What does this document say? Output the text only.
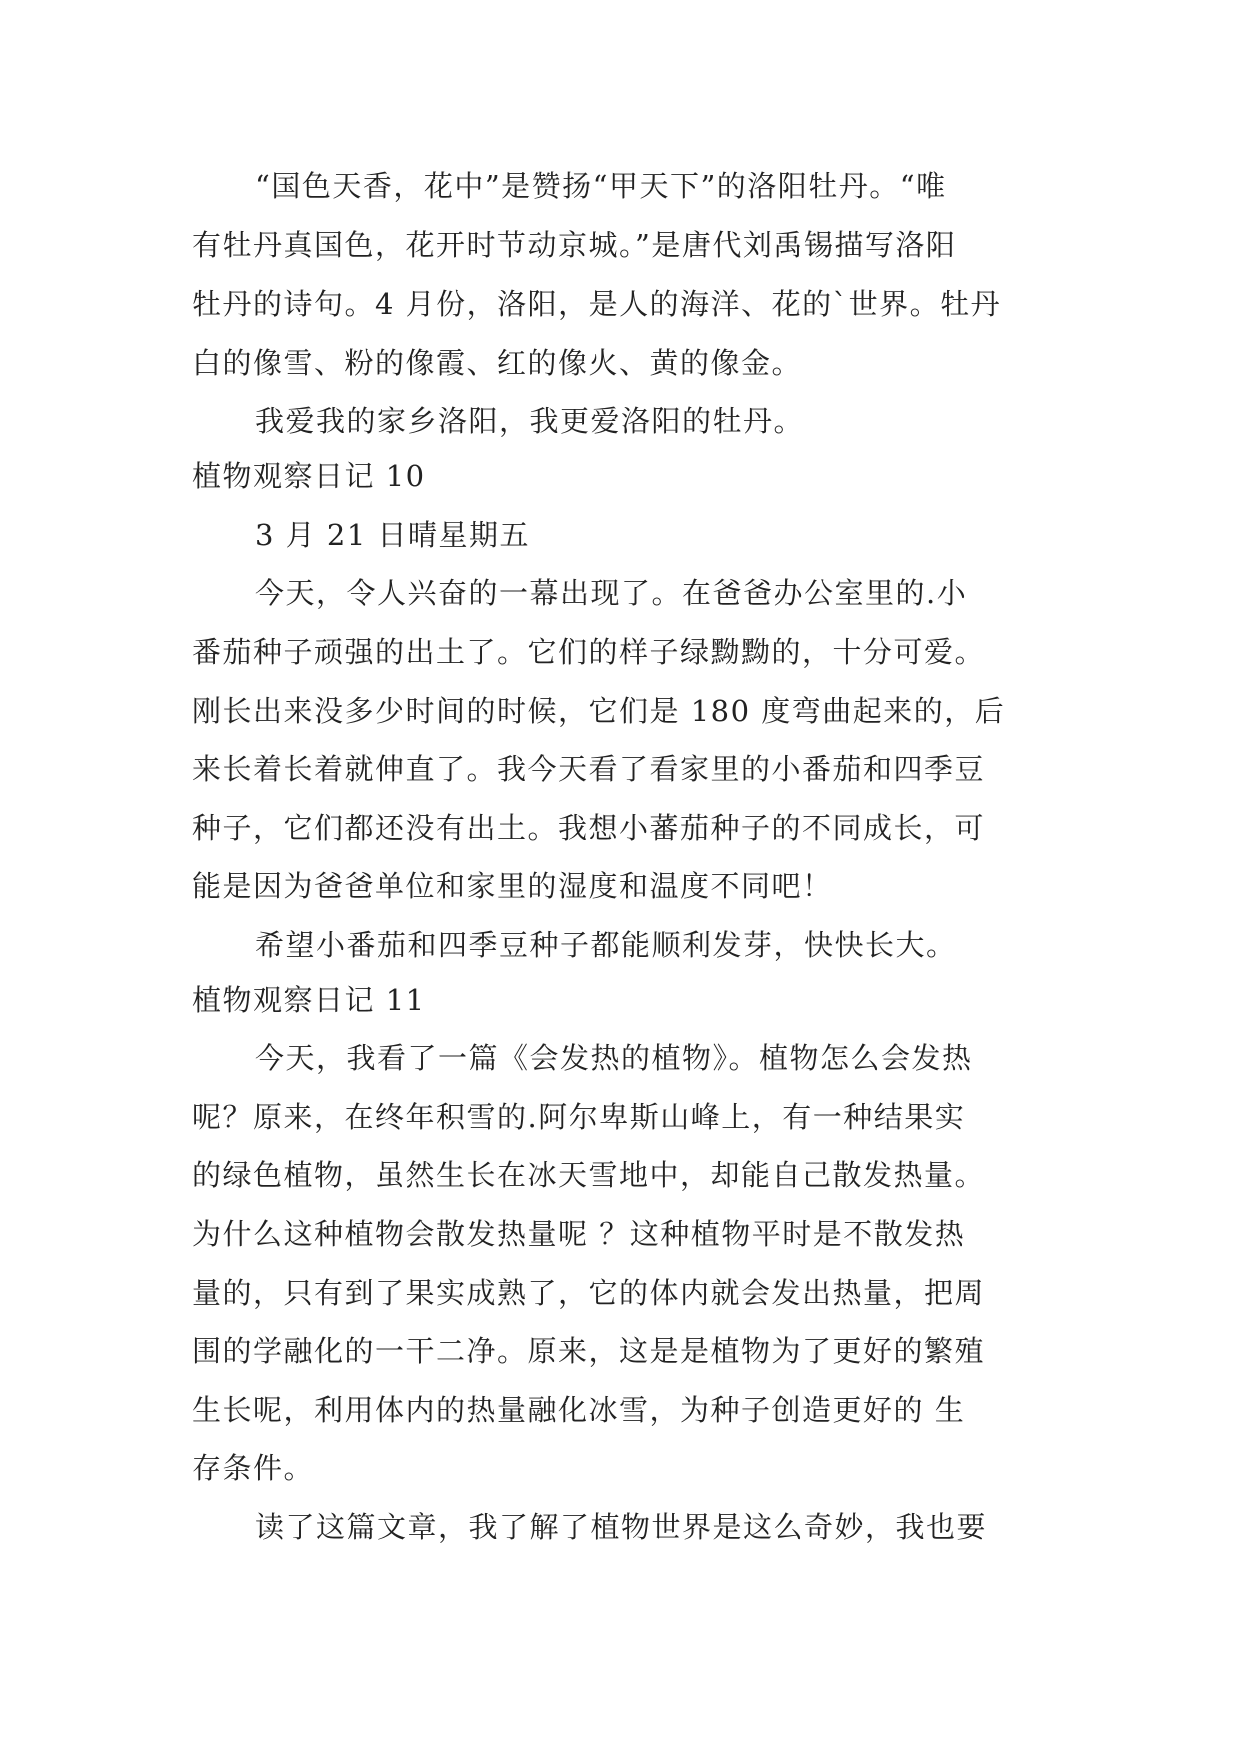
“国色天香，花中”是赞扬“甲天下”的洛阳牡丹。“唯
有牡丹真国色，花开时节动京城。”是唐代刘禹锡描写洛阳
牡丹的诗句。4 月份，洛阳，是人的海洋、花的`世界。牡丹
白的像雪、粉的像霞、红的像火、黄的像金。
我爱我的家乡洛阳，我更爱洛阳的牡丹。
植物观察日记 10
3 月 21 日晴星期五
今天，令人兴奋的一幕出现了。在爸爸办公室里的.小
番茄种子顽强的出土了。它们的样子绿黝黝的，十分可爱。
刚长出来没多少时间的时候，它们是 180 度弯曲起来的，后
来长着长着就伸直了。我今天看了看家里的小番茄和四季豆
种子，它们都还没有出土。我想小蕃茄种子的不同成长，可
能是因为爸爸单位和家里的湿度和温度不同吧！
希望小番茄和四季豆种子都能顺利发芽，快快长大。
植物观察日记 11
今天，我看了一篇《会发热的植物》。植物怎么会发热
呢？原来，在终年积雪的.阿尔卑斯山峰上，有一种结果实
的绿色植物，虽然生长在冰天雪地中，却能自己散发热量。
为什么这种植物会散发热量呢 ？这种植物平时是不散发热
量的，只有到了果实成熟了，它的体内就会发出热量，把周
围的学融化的一干二净。原来，这是是植物为了更好的繁殖
生长呢，利用体内的热量融化冰雪，为种子创造更好的 生
存条件。
读了这篇文章，我了解了植物世界是这么奇妙，我也要
